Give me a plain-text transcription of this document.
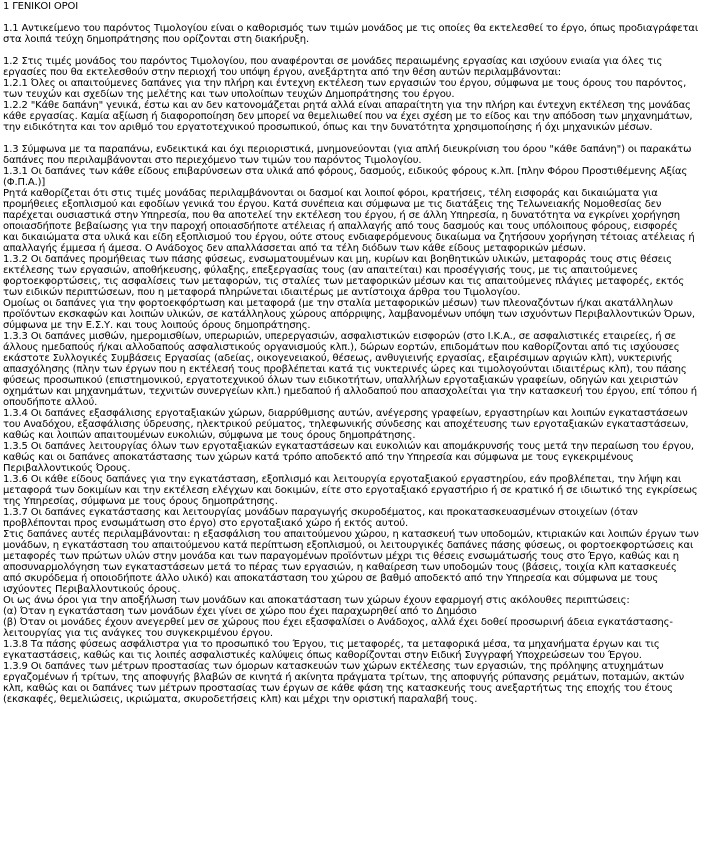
1 ΓΕΝΙΚΟΙ ΟΡΟΙ

1.1 Αντικείμενο του παρόντος Τιμολογίου είναι ο καθορισμός των τιμών μονάδος με τις οποίες θα εκτελεσθεί το έργο, όπως προδιαγράφεται

στα λοιπά τεύχη δημοπράτησης που ορίζονται στη διακήρυξη.

1.2 Στις τιμές μονάδος του παρόντος Τιμολογίου, που αναφέρονται σε μονάδες περαιωμένης εργασίας και ισχύουν ενιαία για όλες τις

εργασίες που θα εκτελεσθούν στην περιοχή του υπόψη έργου, ανεξάρτητα από την θέση αυτών περιλαμβάνονται:

1.2.1 Όλες οι απαιτούμενες δαπάνες για την πλήρη και έντεχνη εκτέλεση των εργασιών του έργου, σύμφωνα με τους όρους του παρόντος,

των τευχών και σχεδίων της μελέτης και των υπολοίπων τευχών Δημοπράτησης του έργου.

1.2.2 "Κάθε δαπάνη" γενικά, έστω και αν δεν κατονομάζεται ρητά αλλά είναι απαραίτητη για την πλήρη και έντεχνη εκτέλεση της μονάδας

κάθε εργασίας. Καμία αξίωση ή διαφοροποίηση δεν μπορεί να θεμελιωθεί που να έχει σχέση με το είδος και την απόδοση των μηχανημάτων,

την ειδικότητα και τον αριθμό του εργατοτεχνικού προσωπικού, όπως και την δυνατότητα χρησιμοποίησης ή όχι μηχανικών μέσων.

1.3 Σύμφωνα με τα παραπάνω, ενδεικτικά και όχι περιοριστικά, μνημονεύονται (για απλή διευκρίνιση του όρου "κάθε δαπάνη") οι παρακάτω

δαπάνες που περιλαμβάνονται στο περιεχόμενο των τιμών του παρόντος Τιμολογίου.

1.3.1 Οι δαπάνες των κάθε είδους επιβαρύνσεων στα υλικά από φόρους, δασμούς, ειδικούς φόρους κ.λπ. [πλην Φόρου Προστιθέμενης Αξίας

(Φ.Π.Α.)]

Ρητά καθορίζεται ότι στις τιμές μονάδας περιλαμβάνονται οι δασμοί και λοιποί φόροι, κρατήσεις, τέλη εισφοράς και δικαιώματα για

προμήθειες εξοπλισμού και εφοδίων γενικά του έργου. Κατά συνέπεια και σύμφωνα με τις διατάξεις της Τελωνειακής Νομοθεσίας δεν

παρέχεται ουσιαστικά στην Υπηρεσία, που θα αποτελεί την εκτέλεση του έργου, ή σε άλλη Υπηρεσία, η δυνατότητα να εγκρίνει χορήγηση

οποιασδήποτε βεβαίωσης για την παροχή οποιασδήποτε ατέλειας ή απαλλαγής από τους δασμούς και τους υπόλοιπους φόρους, εισφορές

και δικαιώματα στα υλικά και είδη εξοπλισμού του έργου, ούτε στους ενδιαφερόμενους δικαίωμα να ζητήσουν χορήγηση τέτοιας ατέλειας ή

απαλλαγής έμμεσα ή άμεσα. Ο Ανάδοχος δεν απαλλάσσεται από τα τέλη διόδων των κάθε είδους μεταφορικών μέσων.

1.3.2 Οι δαπάνες προμήθειας των πάσης φύσεως, ενσωματουμένων και μη, κυρίων και βοηθητικών υλικών, μεταφοράς τους στις θέσεις

εκτέλεσης των εργασιών, αποθήκευσης, φύλαξης, επεξεργασίας τους (αν απαιτείται) και προσέγγισής τους, με τις απαιτούμενες

φορτοεκφορτώσεις, τις ασφαλίσεις των μεταφορών, τις σταλίες των μεταφορικών μέσων και τις απαιτούμενες πλάγιες μεταφορές, εκτός

των ειδικών περιπτώσεων, που η μεταφορά πληρώνεται ιδιαιτέρως με αντίστοιχα άρθρα του Τιμολογίου.

Ομοίως οι δαπάνες για την φορτοεκφόρτωση και μεταφορά (με την σταλία μεταφορικών μέσων) των πλεοναζόντων ή/και ακατάλληλων

προϊόντων εκσκαφών και λοιπών υλικών, σε κατάλληλους χώρους απόρριψης, λαμβανομένων υπόψη των ισχυόντων Περιβαλλοντικών Όρων,

σύμφωνα με την Ε.Σ.Υ. και τους λοιπούς όρους δημοπράτησης.

1.3.3 Οι δαπάνες μισθών, ημερομισθίων, υπερωριών, υπερεργασιών, ασφαλιστικών εισφορών (στο Ι.Κ.Α., σε ασφαλιστικές εταιρείες, ή σε

άλλους ημεδαπούς ή/και αλλοδαπούς ασφαλιστικούς οργανισμούς κλπ.), δώρων εορτών, επιδομάτων που καθορίζονται από τις ισχύουσες

εκάστοτε Συλλογικές Συμβάσεις Εργασίας (αδείας, οικογενειακού, θέσεως, ανθυγιεινής εργασίας, εξαιρέσιμων αργιών κλπ), νυκτερινής

απασχόλησης (πλην των έργων που η εκτέλεσή τους προβλέπεται κατά τις νυκτερινές ώρες και τιμολογούνται ιδιαιτέρως κλπ), του πάσης

φύσεως προσωπικού (επιστημονικού, εργατοτεχνικού όλων των ειδικοτήτων, υπαλλήλων εργοταξιακών γραφείων, οδηγών και χειριστών

οχημάτων και μηχανημάτων, τεχνιτών συνεργείων κλπ.) ημεδαπού ή αλλοδαπού που απασχολείται για την κατασκευή του έργου, επί τόπου ή

οπουδήποτε αλλού.

1.3.4 Οι δαπάνες εξασφάλισης εργοταξιακών χώρων, διαρρύθμισης αυτών, ανέγερσης γραφείων, εργαστηρίων και λοιπών εγκαταστάσεων

του Αναδόχου, εξασφάλισης ύδρευσης, ηλεκτρικού ρεύματος, τηλεφωνικής σύνδεσης και αποχέτευσης των εργοταξιακών εγκαταστάσεων,

καθώς και λοιπών απαιτουμένων ευκολιών, σύμφωνα με τους όρους δημοπράτησης.

1.3.5 Οι δαπάνες λειτουργίας όλων των εργοταξιακών εγκαταστάσεων και ευκολιών και απομάκρυνσής τους μετά την περαίωση του έργου,

καθώς και οι δαπάνες αποκατάστασης των χώρων κατά τρόπο αποδεκτό από την Υπηρεσία και σύμφωνα με τους εγκεκριμένους

Περιβαλλοντικούς Όρους.

1.3.6 Οι κάθε είδους δαπάνες για την εγκατάσταση, εξοπλισμό και λειτουργία εργοταξιακού εργαστηρίου, εάν προβλέπεται, την λήψη και

μεταφορά των δοκιμίων και την εκτέλεση ελέγχων και δοκιμών, είτε στο εργοταξιακό εργαστήριο ή σε κρατικό ή σε ιδιωτικό της εγκρίσεως

της Υπηρεσίας, σύμφωνα με τους όρους δημοπράτησης.

1.3.7 Οι δαπάνες εγκατάστασης και λειτουργίας μονάδων παραγωγής σκυροδέματος, και προκατασκευασμένων στοιχείων (όταν

προβλέπονται προς ενσωμάτωση στο έργο) στο εργοταξιακό χώρο ή εκτός αυτού.

Στις δαπάνες αυτές περιλαμβάνονται: η εξασφάλιση του απαιτούμενου χώρου, η κατασκευή των υποδομών, κτιριακών και λοιπών έργων των

μονάδων, η εγκατάσταση του απαιτούμενου κατά περίπτωση εξοπλισμού, οι λειτουργικές δαπάνες πάσης φύσεως, οι φορτοεκφορτώσεις και

μεταφορές των πρώτων υλών στην μονάδα και των παραγομένων προϊόντων μέχρι τις θέσεις ενσωμάτωσής τους στο Έργο, καθώς και η

αποσυναρμολόγηση των εγκαταστάσεων μετά το πέρας των εργασιών, η καθαίρεση των υποδομών τους (βάσεις, τοιχία κλπ κατασκευές

από σκυρόδεμα ή οποιοδήποτε άλλο υλικό) και αποκατάσταση του χώρου σε βαθμό αποδεκτό από την Υπηρεσία και σύμφωνα με τους

ισχύοντες Περιβαλλοντικούς όρους.

Οι ως άνω όροι για την αποξήλωση των μονάδων και αποκατάσταση των χώρων έχουν εφαρμογή στις ακόλουθες περιπτώσεις:

(α) Όταν η εγκατάσταση των μονάδων έχει γίνει σε χώρο που έχει παραχωρηθεί από το Δημόσιο

(β) Όταν οι μονάδες έχουν ανεγερθεί μεν σε χώρους που έχει εξασφαλίσει ο Ανάδοχος, αλλά έχει δοθεί προσωρινή άδεια εγκατάστασης-

λειτουργίας για τις ανάγκες του συγκεκριμένου έργου.

1.3.8 Τα πάσης φύσεως ασφάλιστρα για το προσωπικό του Έργου, τις μεταφορές, τα μεταφορικά μέσα, τα μηχανήματα έργων και τις

εγκαταστάσεις, καθώς και τις λοιπές ασφαλιστικές καλύψεις όπως καθορίζονται στην Ειδική Συγγραφή Υποχρεώσεων του Έργου.

1.3.9 Οι δαπάνες των μέτρων προστασίας των όμορων κατασκευών των χώρων εκτέλεσης των εργασιών, της πρόληψης ατυχημάτων

εργαζομένων ή τρίτων, της αποφυγής βλαβών σε κινητά ή ακίνητα πράγματα τρίτων, της αποφυγής ρύπανσης ρεμάτων, ποταμών, ακτών

κλπ, καθώς και οι δαπάνες των μέτρων προστασίας των έργων σε κάθε φάση της κατασκευής τους ανεξαρτήτως της εποχής του έτους

(εκσκαφές, θεμελιώσεις, ικριώματα, σκυροδετήσεις κλπ) και μέχρι την οριστική παραλαβή τους.
